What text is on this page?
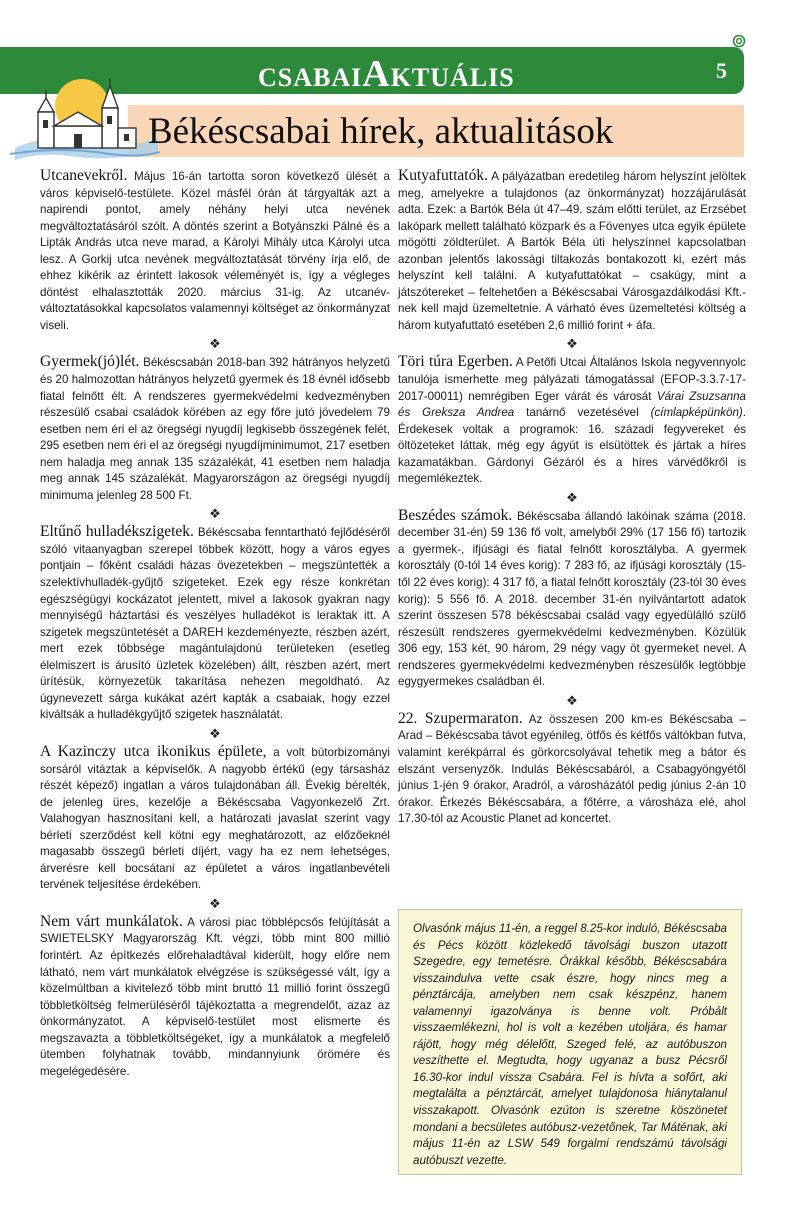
CSABAIAKTUÁLIS	5
Békéscsabai hírek, aktualitások

Utcanevekről. Május 16-án tartotta soron következő ülését a város képviselő-testülete. Közel másfél órán át tárgyalták azt a napirendi pontot, amely néhány helyi utca nevének megváltoztatásáról szólt. A döntés szerint a Botyánszki Pálné és a Lipták András utca neve marad, a Károlyi Mihály utca Károlyi utca lesz. A Gorkij utca nevének megváltoztatását törvény írja elő, de ehhez kikérik az érintett lakosok véleményét is, így a végleges döntést elhalasztották 2020. március 31-ig. Az utcanév-változtatásokkal kapcsolatos valamennyi költséget az önkormányzat viseli.

❖

Gyermek(jó)lét. Békéscsabán 2018-ban 392 hátrányos helyzetű és 20 halmozottan hátrányos helyzetű gyermek és 18 évnél idősebb fiatal felnőtt élt. A rendszeres gyermekvédelmi kedvezményben részesülő csabai családok körében az egy főre jutó jövedelem 79 esetben nem éri el az öregségi nyugdíj legkisebb összegének felét, 295 esetben nem éri el az öregségi nyugdíjminimumot, 217 esetben nem haladja meg annak 135 százalékát, 41 esetben nem haladja meg annak 145 százalékát. Magyarországon az öregségi nyugdíj minimuma jelenleg 28 500 Ft.

❖

Eltűnő hulladékszigetek. Békéscsaba fenntartható fejlődéséről szóló vitaanyagban szerepel többek között, hogy a város egyes pontjain – főként családi házas övezetekben – megszüntették a szelektívhulladék-gyűjtő szigeteket. Ezek egy része konkrétan egészségügyi kockázatot jelentett, mivel a lakosok gyakran nagy mennyiségű háztartási és veszélyes hulladékot is leraktak itt. A szigetek megszüntetését a DAREH kezdeményezte, részben azért, mert ezek többsége magántulajdonú területeken (esetleg élelmiszert is árusító üzletek közelében) állt, részben azért, mert ürítésük, környezetük takarítása nehezen megoldható. Az úgynevezett sárga kukákat azért kapták a csabaiak, hogy ezzel kiváltsák a hulladékgyűjtő szigetek használatát.

❖

A Kazinczy utca ikonikus épülete, a volt bútorbizományi sorsáról vitáztak a képviselők. A nagyobb értékű (egy társasház részét képező) ingatlan a város tulajdonában áll. Évekig bérelték, de jelenleg üres, kezelője a Békéscsaba Vagyonkezelő Zrt. Valahogyan hasznosítani kell, a határozati javaslat szerint vagy bérleti szerződést kell kötni egy meghatározott, az előzőeknél magasabb összegű bérleti díjért, vagy ha ez nem lehetséges, árverésre kell bocsátani az épületet a város ingatlanbevételi tervének teljesítése érdekében.

❖

Nem várt munkálatok. A városi piac többlépcsős felújítását a SWIETELSKY Magyarország Kft. végzi, több mint 800 millió forintért. Az építkezés előrehaladtával kiderült, hogy előre nem látható, nem várt munkálatok elvégzése is szükségessé vált, így a közelmúltban a kivitelező több mint bruttó 11 millió forint összegű többletköltség felmerüléséről tájékoztatta a megrendelőt, azaz az önkormányzatot. A képviselő-testület most elismerte és megszavazta a többletköltségeket, így a munkálatok a megfelelő ütemben folyhatnak tovább, mindannyiunk örömére és megelégedésére.

Kutyafuttatók. A pályázatban eredetileg három helyszínt jelöltek meg, amelyekre a tulajdonos (az önkormányzat) hozzájárulását adta. Ezek: a Bartók Béla út 47–49. szám előtti terület, az Erzsébet lakópark mellett található közpark és a Fövenyes utca egyik épülete mögötti zöldterület. A Bartók Béla úti helyszínnel kapcsolatban azonban jelentős lakossági tiltakozás bontakozott ki, ezért más helyszínt kell találni. A kutyafuttatókat – csakúgy, mint a játszótereket – feltehetően a Békéscsabai Városgazdálkodási Kft.-nek kell majd üzemeltetnie. A várható éves üzemeltetési költség a három kutyafuttató esetében 2,6 millió forint + áfa.

❖

Töri túra Egerben. A Petőfi Utcai Általános Iskola negyvennyolc tanulója ismerhette meg pályázati támogatással (EFOP-3.3.7-17-2017-00011) nemrégiben Eger várát és városát Várai Zsuzsanna és Greksza Andrea tanárnő vezetésével (címlapképünkön). Érdekesek voltak a programok: 16. századi fegyvereket és öltözeteket láttak, még egy ágyút is elsütöttek és jártak a híres kazamatákban. Gárdonyi Gézáról és a híres várvédőkről is megemlékeztek.

❖

Beszédes számok. Békéscsaba állandó lakóinak száma (2018. december 31-én) 59 136 fő volt, amelyből 29% (17 156 fő) tartozik a gyermek-, ifjúsági és fiatal felnőtt korosztályba. A gyermek korosztály (0-tól 14 éves korig): 7 283 fő, az ifjúsági korosztály (15-től 22 éves korig): 4 317 fő, a fiatal felnőtt korosztály (23-tól 30 éves korig): 5 556 fő. A 2018. december 31-én nyilvántartott adatok szerint összesen 578 békéscsabai család vagy egyedülálló szülő részesült rendszeres gyermekvédelmi kedvezményben. Közülük 306 egy, 153 két, 90 három, 29 négy vagy öt gyermeket nevel. A rendszeres gyermekvédelmi kedvezményben részesülők legtöbbje egygyermekes családban él.

❖

22. Szupermaraton. Az összesen 200 km-es Békéscsaba – Arad – Békéscsaba távot egyénileg, ötfős és kétfős váltókban futva, valamint kerékpárral és görkorcsolyával tehetik meg a bátor és elszánt versenyzők. Indulás Békéscsabáról, a Csabagyöngyétől június 1-jén 9 órakor, Aradról, a városházától pedig június 2-án 10 órakor. Érkezés Békéscsabára, a főtérre, a városháza elé, ahol 17.30-tól az Acoustic Planet ad koncertet.

Olvasónk május 11-én, a reggel 8.25-kor induló, Békéscsaba és Pécs között közlekedő távolsági buszon utazott Szegedre, egy temetésre. Órákkal később, Békéscsabára visszaindulva vette csak észre, hogy nincs meg a pénztárcája, amelyben nem csak készpénz, hanem valamennyi igazolványa is benne volt. Próbált visszaemlékezni, hol is volt a kezében utoljára, és hamar rájött, hogy még délelőtt, Szeged felé, az autóbuszon veszíthette el. Megtudta, hogy ugyanaz a busz Pécsről 16.30-kor indul vissza Csabára. Fel is hívta a sofőrt, aki megtalálta a pénztárcát, amelyet tulajdonosa hiánytalanul visszakapott. Olvasónk ezúton is szeretne köszönetet mondani a becsületes autóbusz-vezetőnek, Tar Máténak, aki május 11-én az LSW 549 forgalmi rendszámú távolsági autóbuszt vezette.
